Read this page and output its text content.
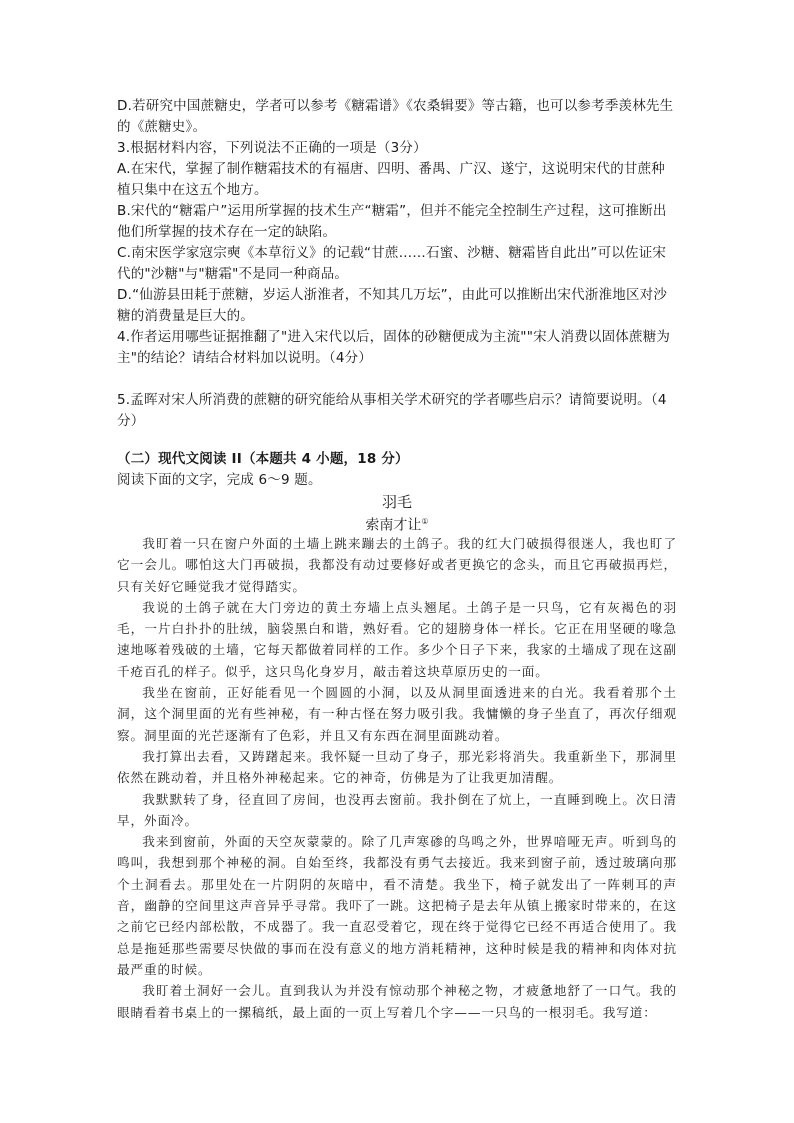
D.若研究中国蔗糖史，学者可以参考《糖霜谱》《农桑辑要》等古籍，也可以参考季羡林先生的《蔗糖史》。

3.根据材料内容，下列说法不正确的一项是（3分）

A.在宋代，掌握了制作糖霜技术的有福唐、四明、番禺、广汉、遂宁，这说明宋代的甘蔗种植只集中在这五个地方。

B.宋代的“糖霜户”运用所掌握的技术生产“糖霜”，但并不能完全控制生产过程，这可推断出他们所掌握的技术存在一定的缺陷。

C.南宋医学家寇宗奭《本草衍义》的记载“甘蔗……石蜜、沙糖、糖霜皆自此出”可以佐证宋代的"沙糖"与"糖霜"不是同一种商品。

D.“仙游县田耗于蔗糖，岁运人浙淮者，不知其几万坛”，由此可以推断出宋代浙淮地区对沙糖的消费量是巨大的。

4.作者运用哪些证据推翻了"进入宋代以后，固体的砂糖便成为主流""宋人消费以固体蔗糖为主"的结论？请结合材料加以说明。（4分）

5.孟晖对宋人所消费的蔗糖的研究能给从事相关学术研究的学者哪些启示？请简要说明。（4分）

（二）现代文阅读 II（本题共 4 小题，18 分）

阅读下面的文字，完成 6～9 题。

羽毛

索南才让①

我盯着一只在窗户外面的土墙上跳来蹦去的土鸽子。我的红大门破损得很迷人，我也盯了它一会儿。哪怕这大门再破损，我都没有动过要修好或者更换它的念头，而且它再破损再烂，只有关好它睡觉我才觉得踏实。

我说的土鸽子就在大门旁边的黄土夯墙上点头翘尾。土鸽子是一只鸟，它有灰褐色的羽毛，一片白扑扑的肚绒，脑袋黑白和谐，熟好看。它的翅膀身体一样长。它正在用坚硬的喙急速地啄着残破的土墙，它每天都做着同样的工作。多少个日子下来，我家的土墙成了现在这副千疮百孔的样子。似乎，这只鸟化身岁月，敲击着这块草原历史的一面。

我坐在窗前，正好能看见一个圆圆的小洞，以及从洞里面透进来的白光。我看着那个土洞，这个洞里面的光有些神秘，有一种古怪在努力吸引我。我慵懒的身子坐直了，再次仔细观察。洞里面的光芒逐渐有了色彩，并且又有东西在洞里面跳动着。

我打算出去看，又踌躇起来。我怀疑一旦动了身子，那光彩将消失。我重新坐下，那洞里依然在跳动着，并且格外神秘起来。它的神奇，仿佛是为了让我更加清醒。

我默默转了身，径直回了房间，也没再去窗前。我扑倒在了炕上，一直睡到晚上。次日清早，外面冷。

我来到窗前，外面的天空灰蒙蒙的。除了几声寒碜的鸟鸣之外，世界喑哑无声。听到鸟的鸣叫，我想到那个神秘的洞。自始至终，我都没有勇气去接近。我来到窗子前，透过玻璃向那个土洞看去。那里处在一片阴阴的灰暗中，看不清楚。我坐下，椅子就发出了一阵刺耳的声音，幽静的空间里这声音异乎寻常。我吓了一跳。这把椅子是去年从镇上搬家时带来的，在这之前它已经内部松散，不成器了。我一直忍受着它，现在终于觉得它已经不再适合使用了。我总是拖延那些需要尽快做的事而在没有意义的地方消耗精神，这种时候是我的精神和肉体对抗最严重的时候。

我盯着土洞好一会儿。直到我认为并没有惊动那个神秘之物，才疲惫地舒了一口气。我的眼睛看着书桌上的一摞稿纸，最上面的一页上写着几个字——一只鸟的一根羽毛。我写道：
